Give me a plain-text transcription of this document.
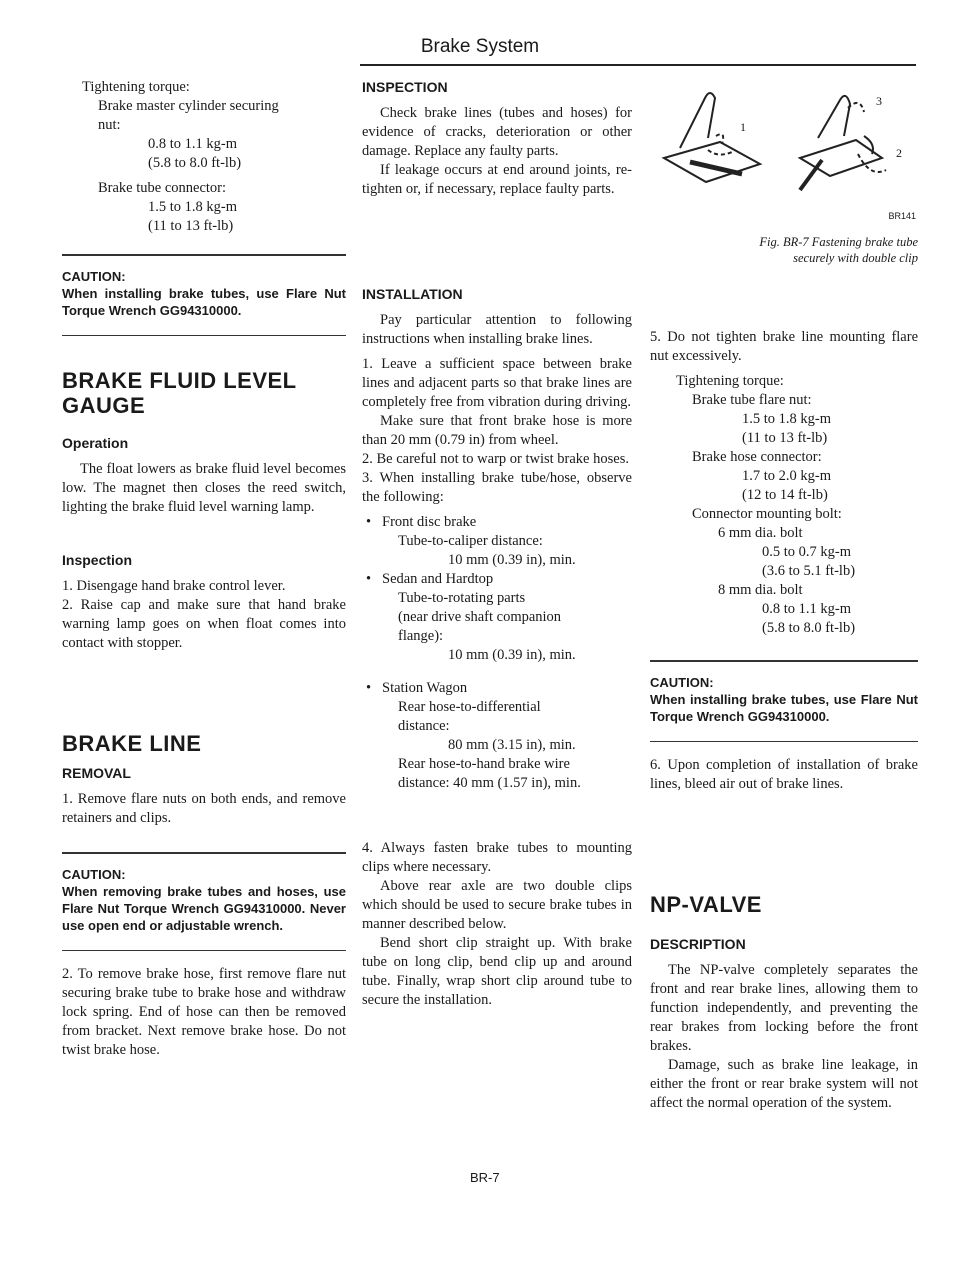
Brake System

Tightening torque:

Brake master cylinder securing

nut:

0.8 to 1.1 kg-m

(5.8 to 8.0 ft-lb)

Brake tube connector:

1.5 to 1.8 kg-m

(11 to 13 ft-lb)

CAUTION:
When installing brake tubes, use Flare Nut Torque Wrench GG94310000.
BRAKE FLUID LEVEL GAUGE
Operation

The float lowers as brake fluid level becomes low. The magnet then closes the reed switch, lighting the brake fluid level warning lamp.

Inspection

1. Disengage hand brake control lever.

2. Raise cap and make sure that hand brake warning lamp goes on when float comes into contact with stopper.

BRAKE LINE
REMOVAL

1. Remove flare nuts on both ends, and remove retainers and clips.

CAUTION:
When removing brake tubes and hoses, use Flare Nut Torque Wrench GG94310000. Never use open end or adjustable wrench.

2. To remove brake hose, first remove flare nut securing brake tube to brake hose and withdraw lock spring. End of hose can then be removed from bracket. Next remove brake hose. Do not twist brake hose.

INSPECTION

Check brake lines (tubes and hoses) for evidence of cracks, deterioration or other damage. Replace any faulty parts.

If leakage occurs at end around joints, re-tighten or, if necessary, replace faulty parts.

INSTALLATION

Pay particular attention to following instructions when installing brake lines.

1. Leave a sufficient space between brake lines and adjacent parts so that brake lines are completely free from vibration during driving.

Make sure that front brake hose is more than 20 mm (0.79 in) from wheel.

2. Be careful not to warp or twist brake hoses.

3. When installing brake tube/hose, observe the following:

• Front disc brake

Tube-to-caliper distance:

10 mm (0.39 in), min.

• Sedan and Hardtop

Tube-to-rotating parts

(near drive shaft companion

flange):

10 mm (0.39 in), min.

• Station Wagon

Rear hose-to-differential

distance:

80 mm (3.15 in), min.

Rear hose-to-hand brake wire

distance: 40 mm (1.57 in), min.

4. Always fasten brake tubes to mounting clips where necessary.

Above rear axle are two double clips which should be used to secure brake tubes in manner described below.

Bend short clip straight up. With brake tube on long clip, bend clip up and around tube. Finally, wrap short clip around tube to secure the installation.

1
2
3
BR141
Fig. BR-7 Fastening brake tube
securely with double clip

5. Do not tighten brake line mounting flare nut excessively.

Tightening torque:

Brake tube flare nut:

1.5 to 1.8 kg-m

(11 to 13 ft-lb)

Brake hose connector:

1.7 to 2.0 kg-m

(12 to 14 ft-lb)

Connector mounting bolt:

6 mm dia. bolt

0.5 to 0.7 kg-m

(3.6 to 5.1 ft-lb)

8 mm dia. bolt

0.8 to 1.1 kg-m

(5.8 to 8.0 ft-lb)

CAUTION:
When installing brake tubes, use Flare Nut Torque Wrench GG94310000.

6. Upon completion of installation of brake lines, bleed air out of brake lines.

NP-VALVE
DESCRIPTION

The NP-valve completely separates the front and rear brake lines, allowing them to function independently, and preventing the rear brakes from locking before the front brakes.

Damage, such as brake line leakage, in either the front or rear brake system will not affect the normal operation of the system.

BR-7
